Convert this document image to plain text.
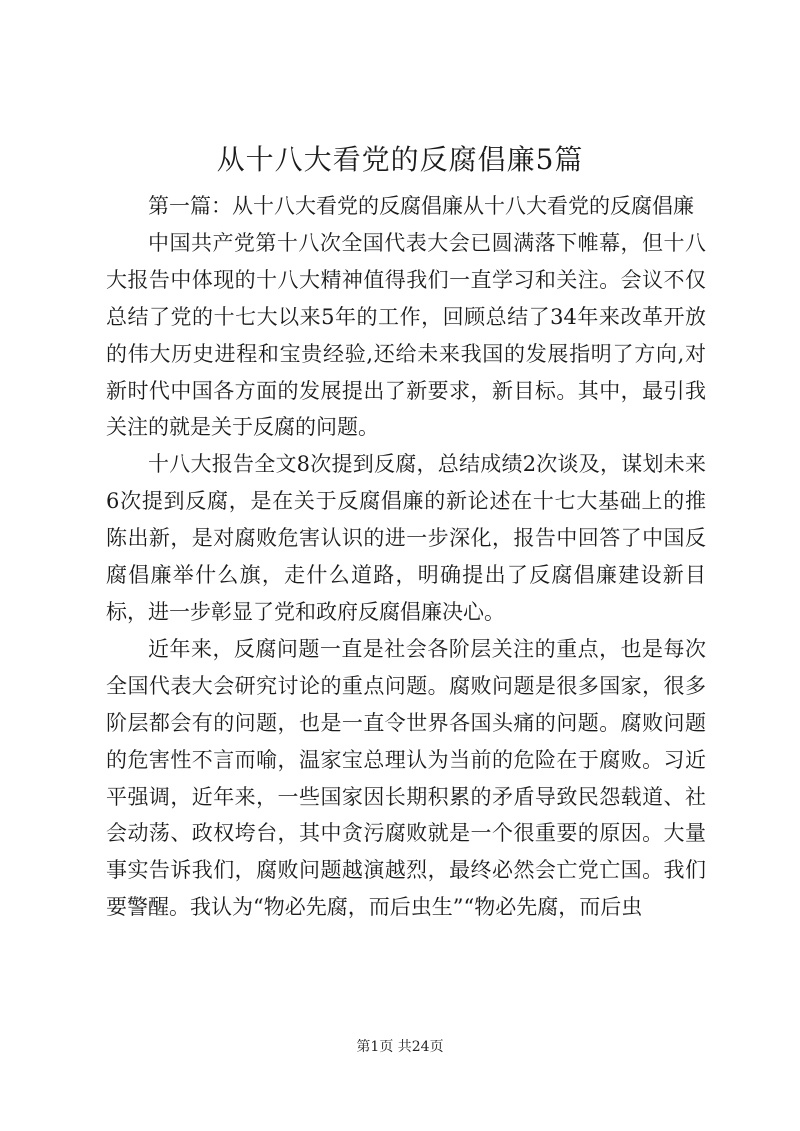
从十八大看党的反腐倡廉5篇

第一篇：从十八大看党的反腐倡廉从十八大看党的反腐倡廉

中国共产党第十八次全国代表大会已圆满落下帷幕，但十八大报告中体现的十八大精神值得我们一直学习和关注。会议不仅总结了党的十七大以来5年的工作，回顾总结了34年来改革开放的伟大历史进程和宝贵经验,还给未来我国的发展指明了方向,对新时代中国各方面的发展提出了新要求，新目标。其中，最引我关注的就是关于反腐的问题。

十八大报告全文8次提到反腐，总结成绩2次谈及，谋划未来6次提到反腐，是在关于反腐倡廉的新论述在十七大基础上的推陈出新，是对腐败危害认识的进一步深化，报告中回答了中国反腐倡廉举什么旗，走什么道路，明确提出了反腐倡廉建设新目标，进一步彰显了党和政府反腐倡廉决心。

近年来，反腐问题一直是社会各阶层关注的重点，也是每次全国代表大会研究讨论的重点问题。腐败问题是很多国家，很多阶层都会有的问题，也是一直令世界各国头痛的问题。腐败问题的危害性不言而喻，温家宝总理认为当前的危险在于腐败。习近平强调，近年来，一些国家因长期积累的矛盾导致民怨载道、社会动荡、政权垮台，其中贪污腐败就是一个很重要的原因。大量事实告诉我们，腐败问题越演越烈，最终必然会亡党亡国。我们要警醒。我认为“物必先腐，而后虫生”“物必先腐，而后虫

第1页 共24页
